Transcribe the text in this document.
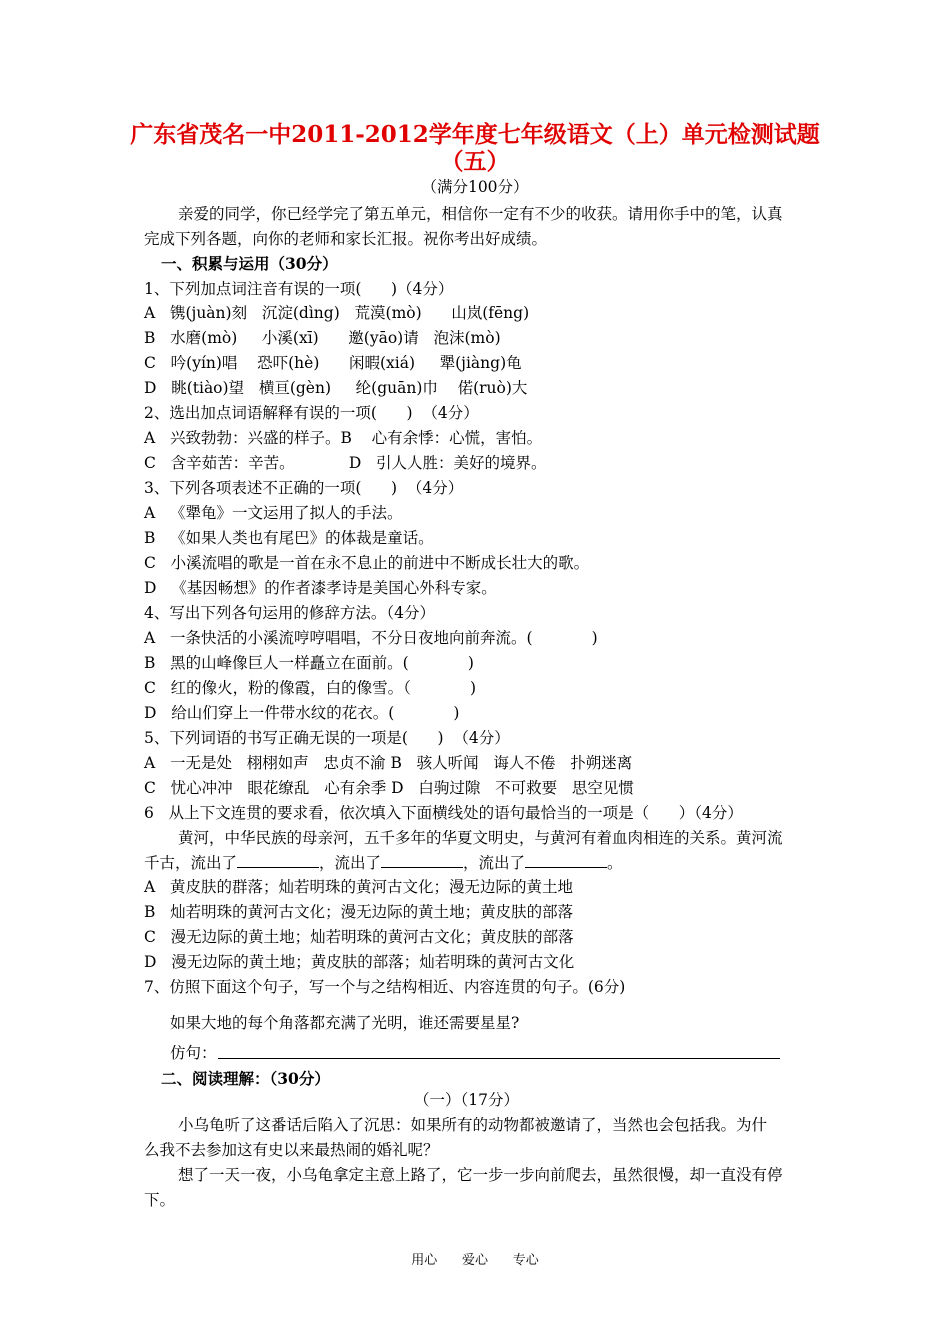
广东省茂名一中2011-2012学年度七年级语文（上）单元检测试题
（五）
（满分100分）
亲爱的同学，你已经学完了第五单元，相信你一定有不少的收获。请用你手中的笔，认真
完成下列各题，向你的老师和家长汇报。祝你考出好成绩。
一、积累与运用（30分）
1、下列加点词注音有误的一项(      )（4分）
A   镌(juàn)刻   沉淀(dìng)   荒漠(mò)      山岚(fēng)
B   水磨(mò)     小溪(xī)      邀(yāo)请   泡沫(mò)
C   吟(yín)唱    恐吓(hè)      闲暇(xiá)     犟(jiàng)龟
D   眺(tiào)望   横亘(gèn)     纶(guān)巾    偌(ruò)大
2、选出加点词语解释有误的一项(      )  （4分）
A   兴致勃勃：兴盛的样子。B    心有余悸：心慌，害怕。
C   含辛茹苦：辛苦。           D   引人人胜：美好的境界。
3、下列各项表述不正确的一项(      )  （4分）
A   《犟龟》一文运用了拟人的手法。
B   《如果人类也有尾巴》的体裁是童话。
C   小溪流唱的歌是一首在永不息止的前进中不断成长壮大的歌。
D   《基因畅想》的作者漆孝诗是美国心外科专家。
4、写出下列各句运用的修辞方法。（4分）
A   一条快活的小溪流哼哼唱唱，不分日夜地向前奔流。(            )
B   黑的山峰像巨人一样矗立在面前。(            )
C   红的像火，粉的像霞，白的像雪。（            )
D   给山们穿上一件带水纹的花衣。(            )
5、下列词语的书写正确无误的一项是(      )  （4分）
A   一无是处   栩栩如声   忠贞不渝 B   骇人听闻   诲人不倦   扑朔迷离
C   忧心冲冲   眼花缭乱   心有余季 D   白驹过隙   不可救要   思空见惯
6   从上下文连贯的要求看，依次填入下面横线处的语句最恰当的一项是（      ）（4分）
黄河，中华民族的母亲河，五千多年的华夏文明史，与黄河有着血肉相连的关系。黄河流
千古，流出了	，流出了	，流出了	。
A   黄皮肤的群落；灿若明珠的黄河古文化；漫无边际的黄土地
B   灿若明珠的黄河古文化；漫无边际的黄土地；黄皮肤的部落
C   漫无边际的黄土地；灿若明珠的黄河古文化；黄皮肤的部落
D   漫无边际的黄土地；黄皮肤的部落；灿若明珠的黄河古文化
7、仿照下面这个句子，写一个与之结构相近、内容连贯的句子。(6分)
如果大地的每个角落都充满了光明，谁还需要星星?
仿句：
二、阅读理解：（30分）
（一）（17分）
小乌龟听了这番话后陷入了沉思：如果所有的动物都被邀请了，当然也会包括我。为什
么我不去参加这有史以来最热闹的婚礼呢？
想了一天一夜，小乌龟拿定主意上路了，它一步一步向前爬去，虽然很慢，却一直没有停
下。
用心      爱心      专心
